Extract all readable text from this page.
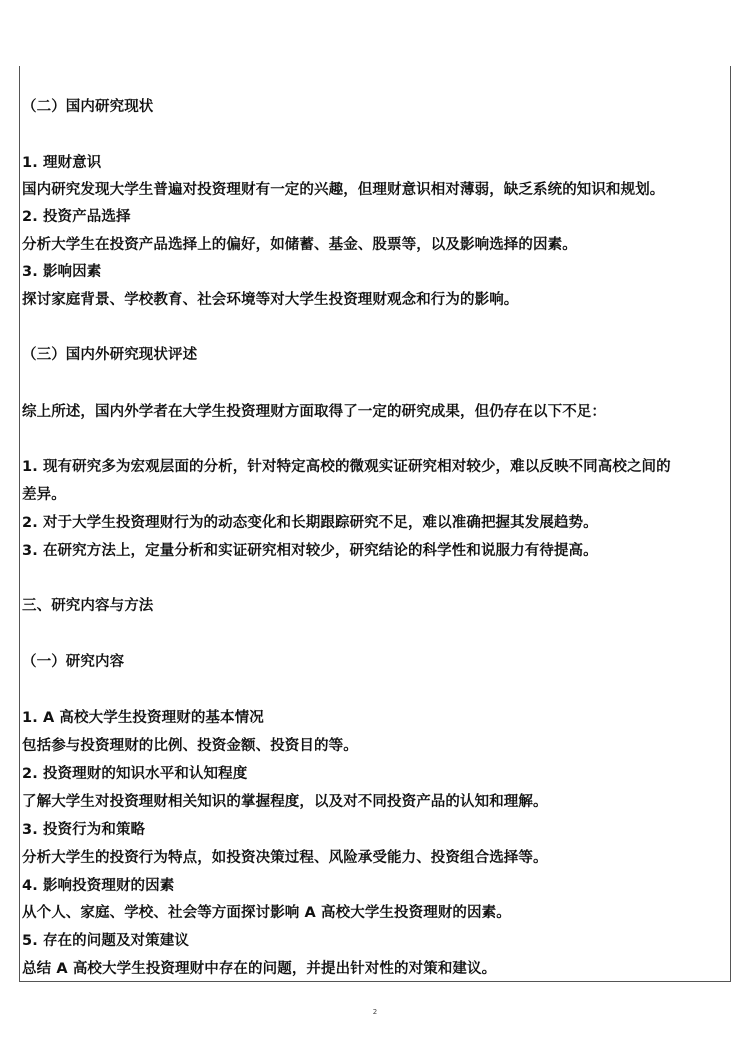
（二）国内研究现状
1. 理财意识
国内研究发现大学生普遍对投资理财有一定的兴趣，但理财意识相对薄弱，缺乏系统的知识和规划。
2. 投资产品选择
分析大学生在投资产品选择上的偏好，如储蓄、基金、股票等，以及影响选择的因素。
3. 影响因素
探讨家庭背景、学校教育、社会环境等对大学生投资理财观念和行为的影响。
（三）国内外研究现状评述
综上所述，国内外学者在大学生投资理财方面取得了一定的研究成果，但仍存在以下不足：
1. 现有研究多为宏观层面的分析，针对特定高校的微观实证研究相对较少，难以反映不同高校之间的
差异。
2. 对于大学生投资理财行为的动态变化和长期跟踪研究不足，难以准确把握其发展趋势。
3. 在研究方法上，定量分析和实证研究相对较少，研究结论的科学性和说服力有待提高。
三、研究内容与方法
（一）研究内容
1. A 高校大学生投资理财的基本情况
包括参与投资理财的比例、投资金额、投资目的等。
2. 投资理财的知识水平和认知程度
了解大学生对投资理财相关知识的掌握程度，以及对不同投资产品的认知和理解。
3. 投资行为和策略
分析大学生的投资行为特点，如投资决策过程、风险承受能力、投资组合选择等。
4. 影响投资理财的因素
从个人、家庭、学校、社会等方面探讨影响 A 高校大学生投资理财的因素。
5. 存在的问题及对策建议
总结 A 高校大学生投资理财中存在的问题，并提出针对性的对策和建议。
2
